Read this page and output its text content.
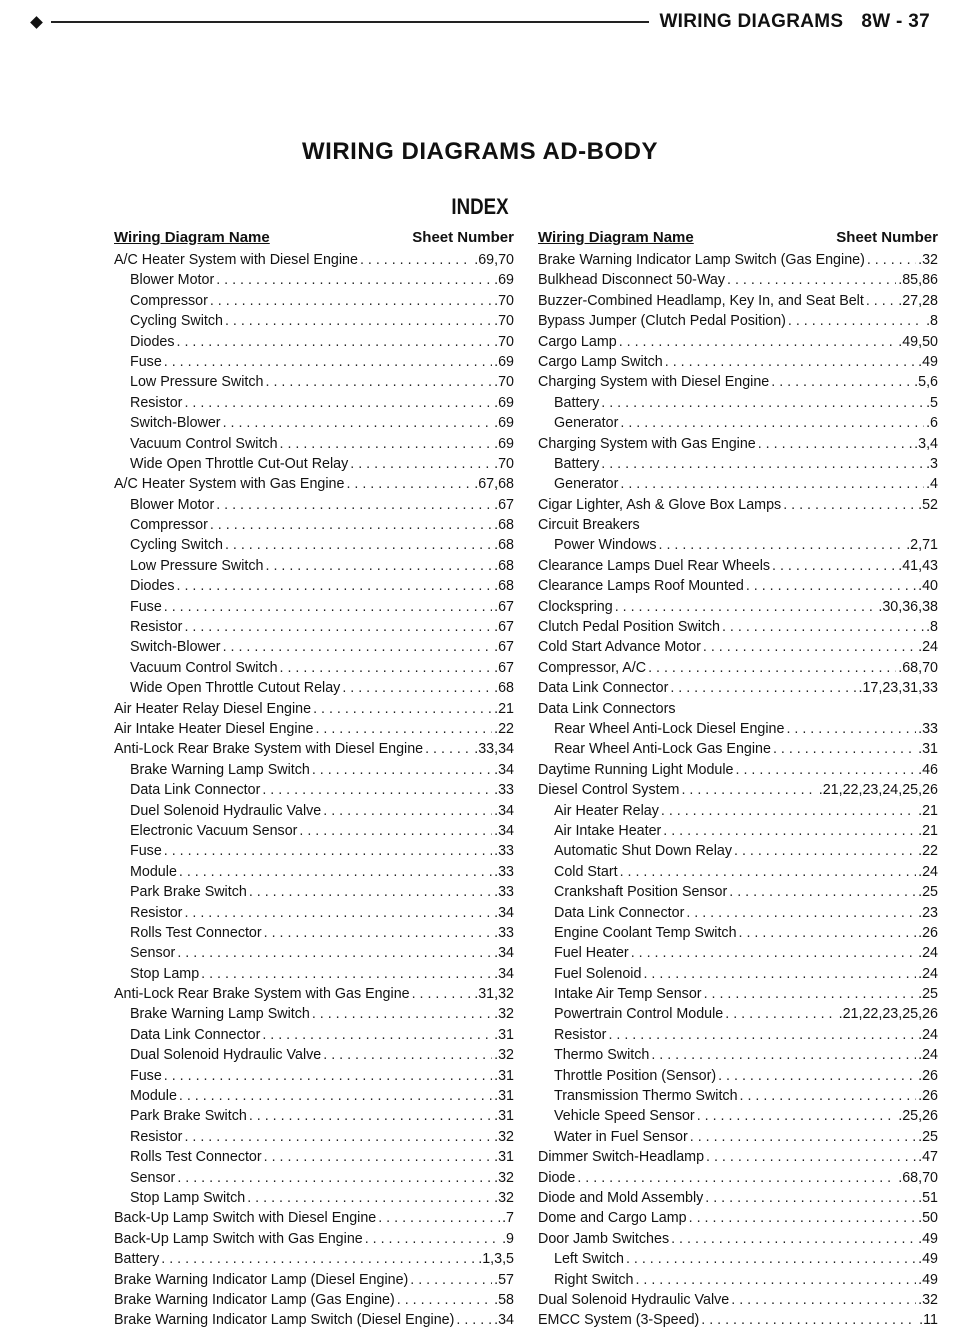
WIRING DIAGRAMS 8W - 37
WIRING DIAGRAMS AD-BODY
INDEX
Wiring Diagram Name	Sheet Number
A/C Heater System with Diesel Engine . . .	.69,70
Blower Motor . . .	.69
Compressor . . .	.70
Cycling Switch . . .	.70
Diodes . . .	.70
Fuse . . .	.69
Low Pressure Switch . . .	.70
Resistor . . .	.69
Switch-Blower . . .	.69
Vacuum Control Switch . . .	.69
Wide Open Throttle Cut-Out Relay . . .	.70
A/C Heater System with Gas Engine . . .	.67,68
Blower Motor . . .	.67
Compressor . . .	.68
Cycling Switch . . .	.68
Low Pressure Switch . . .	.68
Diodes . . .	.68
Fuse . . .	.67
Resistor . . .	.67
Switch-Blower . . .	.67
Vacuum Control Switch . . .	.67
Wide Open Throttle Cutout Relay . . .	.68
Air Heater Relay Diesel Engine . . .	.21
Air Intake Heater Diesel Engine . . .	.22
Anti-Lock Rear Brake System with Diesel Engine . . .	.33,34
Brake Warning Lamp Switch . . .	.34
Data Link Connector . . .	.33
Duel Solenoid Hydraulic Valve . . .	.34
Electronic Vacuum Sensor . . .	.34
Fuse . . .	.33
Module . . .	.33
Park Brake Switch . . .	.33
Resistor . . .	.34
Rolls Test Connector . . .	.33
Sensor . . .	.34
Stop Lamp . . .	.34
Anti-Lock Rear Brake System with Gas Engine . . .	.31,32
Brake Warning Lamp Switch . . .	.32
Data Link Connector . . .	.31
Dual Solenoid Hydraulic Valve . . .	.32
Fuse . . .	.31
Module . . .	.31
Park Brake Switch . . .	.31
Resistor . . .	.32
Rolls Test Connector . . .	.31
Sensor . . .	.32
Stop Lamp Switch . . .	.32
Back-Up Lamp Switch with Diesel Engine . . .	.7
Back-Up Lamp Switch with Gas Engine . . .	.9
Battery . . .	.1,3,5
Brake Warning Indicator Lamp (Diesel Engine) . . .	.57
Brake Warning Indicator Lamp (Gas Engine) . . .	.58
Brake Warning Indicator Lamp Switch (Diesel Engine) . . .	.34
Wiring Diagram Name	Sheet Number
Brake Warning Indicator Lamp Switch (Gas Engine) . . .	.32
Bulkhead Disconnect 50-Way . . .	.85,86
Buzzer-Combined Headlamp, Key In, and Seat Belt . . . .27,28
Bypass Jumper (Clutch Pedal Position) . . .	.8
Cargo Lamp . . .	.49,50
Cargo Lamp Switch . . .	.49
Charging System with Diesel Engine . . .	.5,6
Battery . . .	.5
Generator . . .	.6
Charging System with Gas Engine . . .	.3,4
Battery . . .	.3
Generator . . .	.4
Cigar Lighter, Ash & Glove Box Lamps . . .	.52
Circuit Breakers
Power Windows . . .	.2,71
Clearance Lamps Duel Rear Wheels . . .	.41,43
Clearance Lamps Roof Mounted . . .	.40
Clockspring . . .	.30,36,38
Clutch Pedal Position Switch . . .	.8
Cold Start Advance Motor . . .	.24
Compressor, A/C . . .	.68,70
Data Link Connector . . .	.17,23,31,33
Data Link Connectors
Rear Wheel Anti-Lock Diesel Engine . . .	.33
Rear Wheel Anti-Lock Gas Engine . . .	.31
Daytime Running Light Module . . .	.46
Diesel Control System . . .	.21,22,23,24,25,26
Air Heater Relay . . .	.21
Air Intake Heater . . .	.21
Automatic Shut Down Relay . . .	.22
Cold Start . . .	.24
Crankshaft Position Sensor . . .	.25
Data Link Connector . . .	.23
Engine Coolant Temp Switch . . .	.26
Fuel Heater . . .	.24
Fuel Solenoid . . .	.24
Intake Air Temp Sensor . . .	.25
Powertrain Control Module . . .	.21,22,23,25,26
Resistor . . .	.24
Thermo Switch . . .	.24
Throttle Position (Sensor) . . .	.26
Transmission Thermo Switch . . .	.26
Vehicle Speed Sensor . . .	.25,26
Water in Fuel Sensor . . .	.25
Dimmer Switch-Headlamp . . .	.47
Diode . . .	.68,70
Diode and Mold Assembly . . .	.51
Dome and Cargo Lamp . . .	.50
Door Jamb Switches . . .	.49
Left Switch . . .	.49
Right Switch . . .	.49
Dual Solenoid Hydraulic Valve . . .	.32
EMCC System (3-Speed) . . .	.11
